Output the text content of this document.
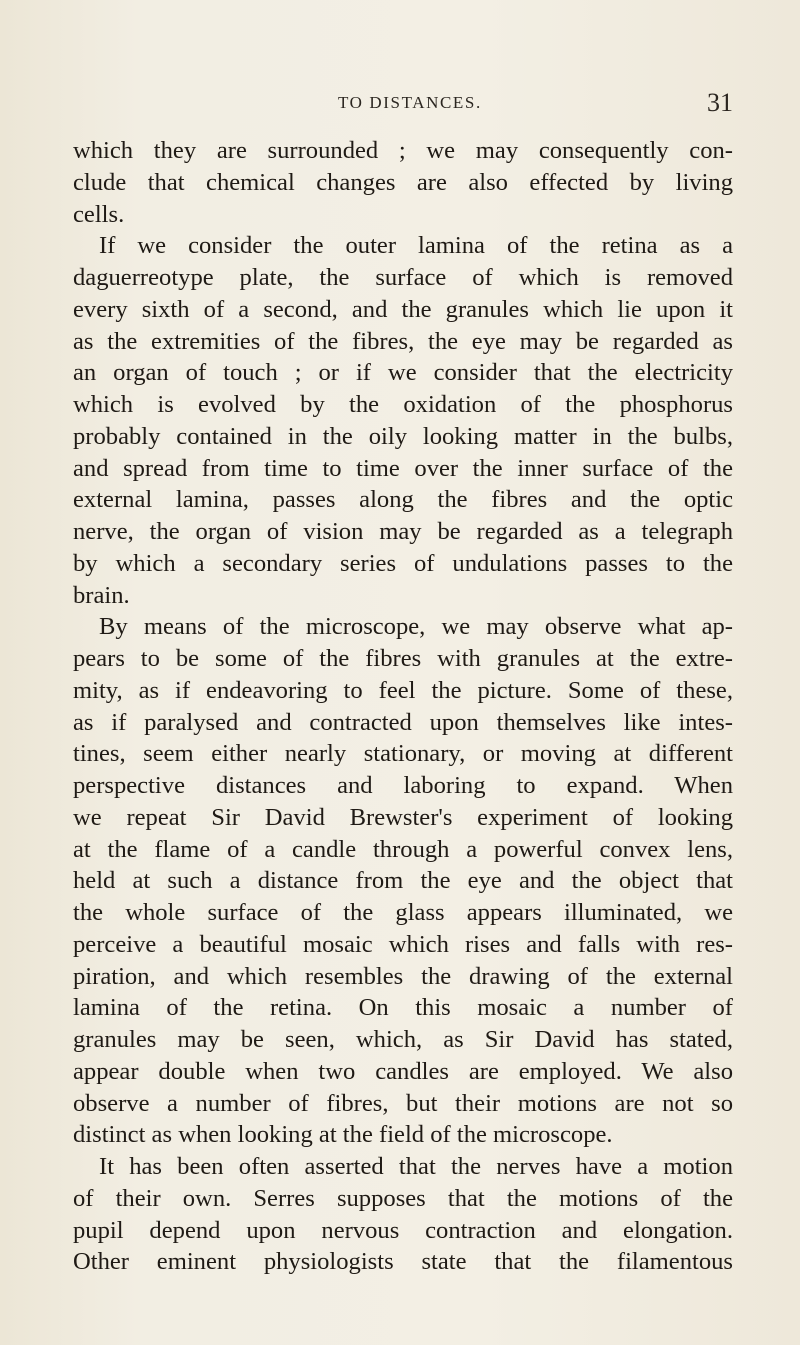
TO DISTANCES.	31
which they are surrounded ; we may consequently con-
clude that chemical changes are also effected by living
cells.
If we consider the outer lamina of the retina as a
daguerreotype plate, the surface of which is removed
every sixth of a second, and the granules which lie upon it
as the extremities of the fibres, the eye may be regarded as
an organ of touch ; or if we consider that the electricity
which is evolved by the oxidation of the phosphorus
probably contained in the oily looking matter in the bulbs,
and spread from time to time over the inner surface of the
external lamina, passes along the fibres and the optic
nerve, the organ of vision may be regarded as a telegraph
by which a secondary series of undulations passes to the
brain.
By means of the microscope, we may observe what ap-
pears to be some of the fibres with granules at the extre-
mity, as if endeavoring to feel the picture. Some of these,
as if paralysed and contracted upon themselves like intes-
tines, seem either nearly stationary, or moving at different
perspective distances and laboring to expand. When
we repeat Sir David Brewster's experiment of looking
at the flame of a candle through a powerful convex lens,
held at such a distance from the eye and the object that
the whole surface of the glass appears illuminated, we
perceive a beautiful mosaic which rises and falls with res-
piration, and which resembles the drawing of the external
lamina of the retina. On this mosaic a number of
granules may be seen, which, as Sir David has stated,
appear double when two candles are employed. We also
observe a number of fibres, but their motions are not so
distinct as when looking at the field of the microscope.
It has been often asserted that the nerves have a motion
of their own. Serres supposes that the motions of the
pupil depend upon nervous contraction and elongation.
Other eminent physiologists state that the filamentous
